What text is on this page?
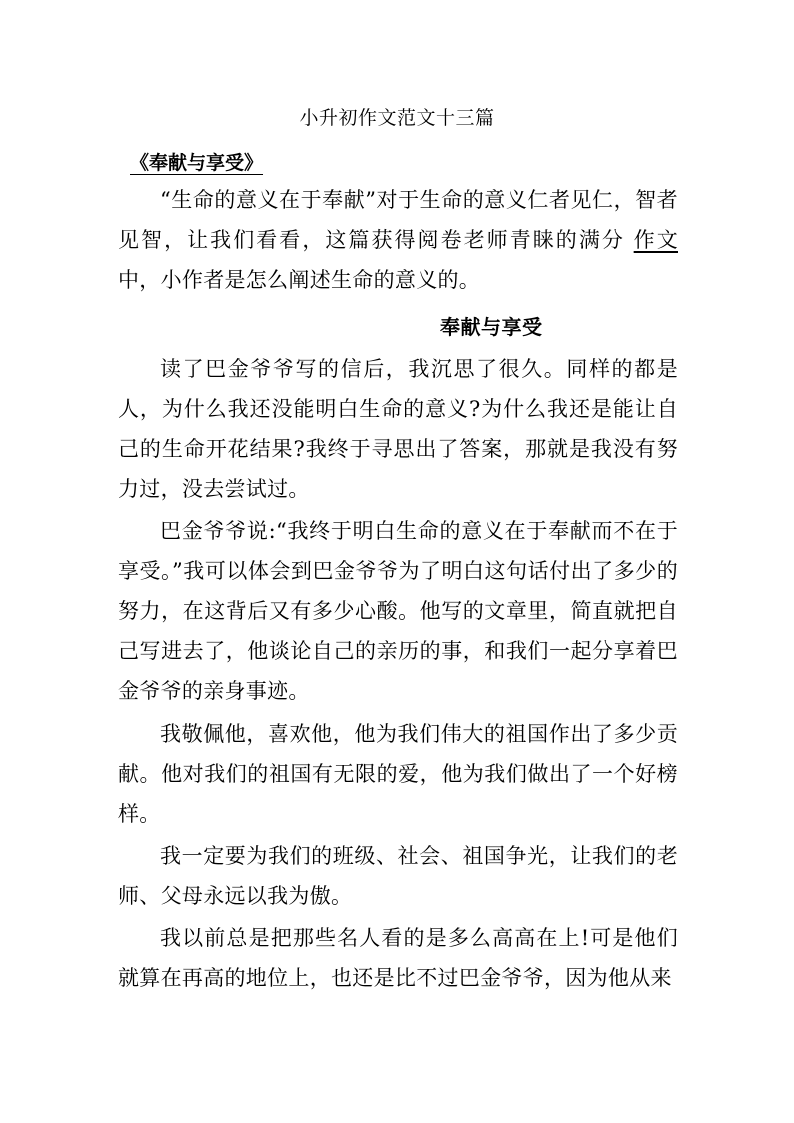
小升初作文范文十三篇
《奉献与享受》

“生命的意义在于奉献”对于生命的意义仁者见仁，智者见智，让我们看看，这篇获得阅卷老师青睐的满分 作文中，小作者是怎么阐述生命的意义的。

奉献与享受

读了巴金爷爷写的信后，我沉思了很久。同样的都是人，为什么我还没能明白生命的意义?为什么我还是能让自己的生命开花结果?我终于寻思出了答案，那就是我没有努力过，没去尝试过。

巴金爷爷说:“我终于明白生命的意义在于奉献而不在于享受。”我可以体会到巴金爷爷为了明白这句话付出了多少的努力，在这背后又有多少心酸。他写的文章里，简直就把自己写进去了，他谈论自己的亲历的事，和我们一起分享着巴金爷爷的亲身事迹。

我敬佩他，喜欢他，他为我们伟大的祖国作出了多少贡献。他对我们的祖国有无限的爱，他为我们做出了一个好榜样。

我一定要为我们的班级、社会、祖国争光，让我们的老师、父母永远以我为傲。

我以前总是把那些名人看的是多么高高在上!可是他们就算在再高的地位上，也还是比不过巴金爷爷，因为他从来
